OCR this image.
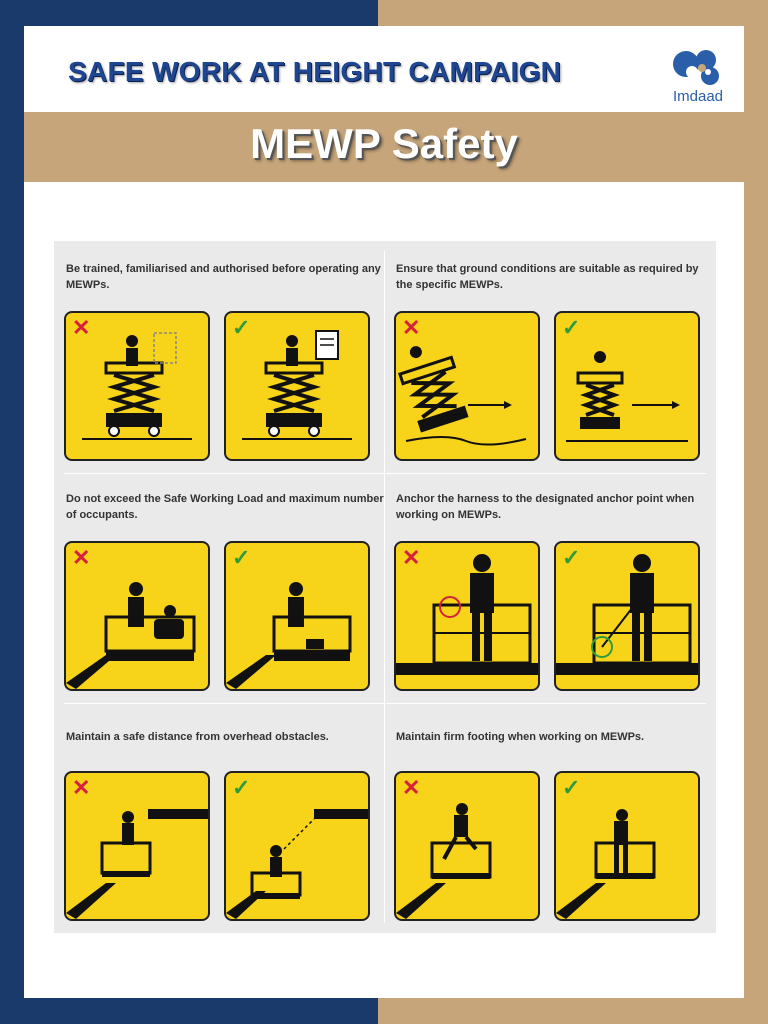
SAFE WORK AT HEIGHT CAMPAIGN
Imdaad
MEWP Safety
Be trained, familiarised and authorised before operating any MEWPs.
✕	✓
Ensure that ground conditions are suitable as required by the specific MEWPs.
✕	✓
Do not exceed the Safe Working Load and maximum number of occupants.
✕	✓
Anchor the harness to the designated anchor point when working on MEWPs.
✕	✓
Maintain a safe distance from overhead obstacles.
✕	✓
Maintain firm footing when working on MEWPs.
✕	✓
